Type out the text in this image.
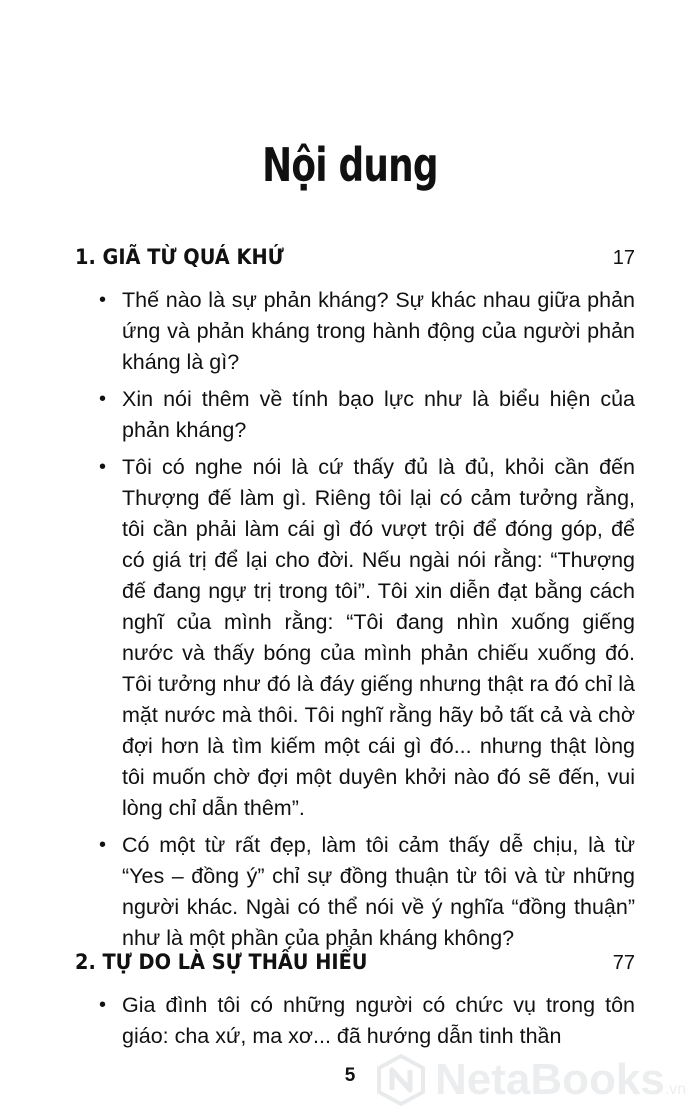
Nội dung
1. GIÃ TỪ QUÁ KHỨ	17
• Thế nào là sự phản kháng? Sự khác nhau giữa phản ứng và phản kháng trong hành động của người phản kháng là gì?
• Xin nói thêm về tính bạo lực như là biểu hiện của phản kháng?
• Tôi có nghe nói là cứ thấy đủ là đủ, khỏi cần đến Thượng đế làm gì. Riêng tôi lại có cảm tưởng rằng, tôi cần phải làm cái gì đó vượt trội để đóng góp, để có giá trị để lại cho đời. Nếu ngài nói rằng: “Thượng đế đang ngự trị trong tôi”. Tôi xin diễn đạt bằng cách nghĩ của mình rằng: “Tôi đang nhìn xuống giếng nước và thấy bóng của mình phản chiếu xuống đó. Tôi tưởng như đó là đáy giếng nhưng thật ra đó chỉ là mặt nước mà thôi. Tôi nghĩ rằng hãy bỏ tất cả và chờ đợi hơn là tìm kiếm một cái gì đó... nhưng thật lòng tôi muốn chờ đợi một duyên khởi nào đó sẽ đến, vui lòng chỉ dẫn thêm”.
• Có một từ rất đẹp, làm tôi cảm thấy dễ chịu, là từ “Yes – đồng ý” chỉ sự đồng thuận từ tôi và từ những người khác. Ngài có thể nói về ý nghĩa “đồng thuận” như là một phần của phản kháng không?
2. TỰ DO LÀ SỰ THẤU HIỂU	77
• Gia đình tôi có những người có chức vụ trong tôn giáo: cha xứ, ma xơ... đã hướng dẫn tinh thần
5	NetaBooks.vn
